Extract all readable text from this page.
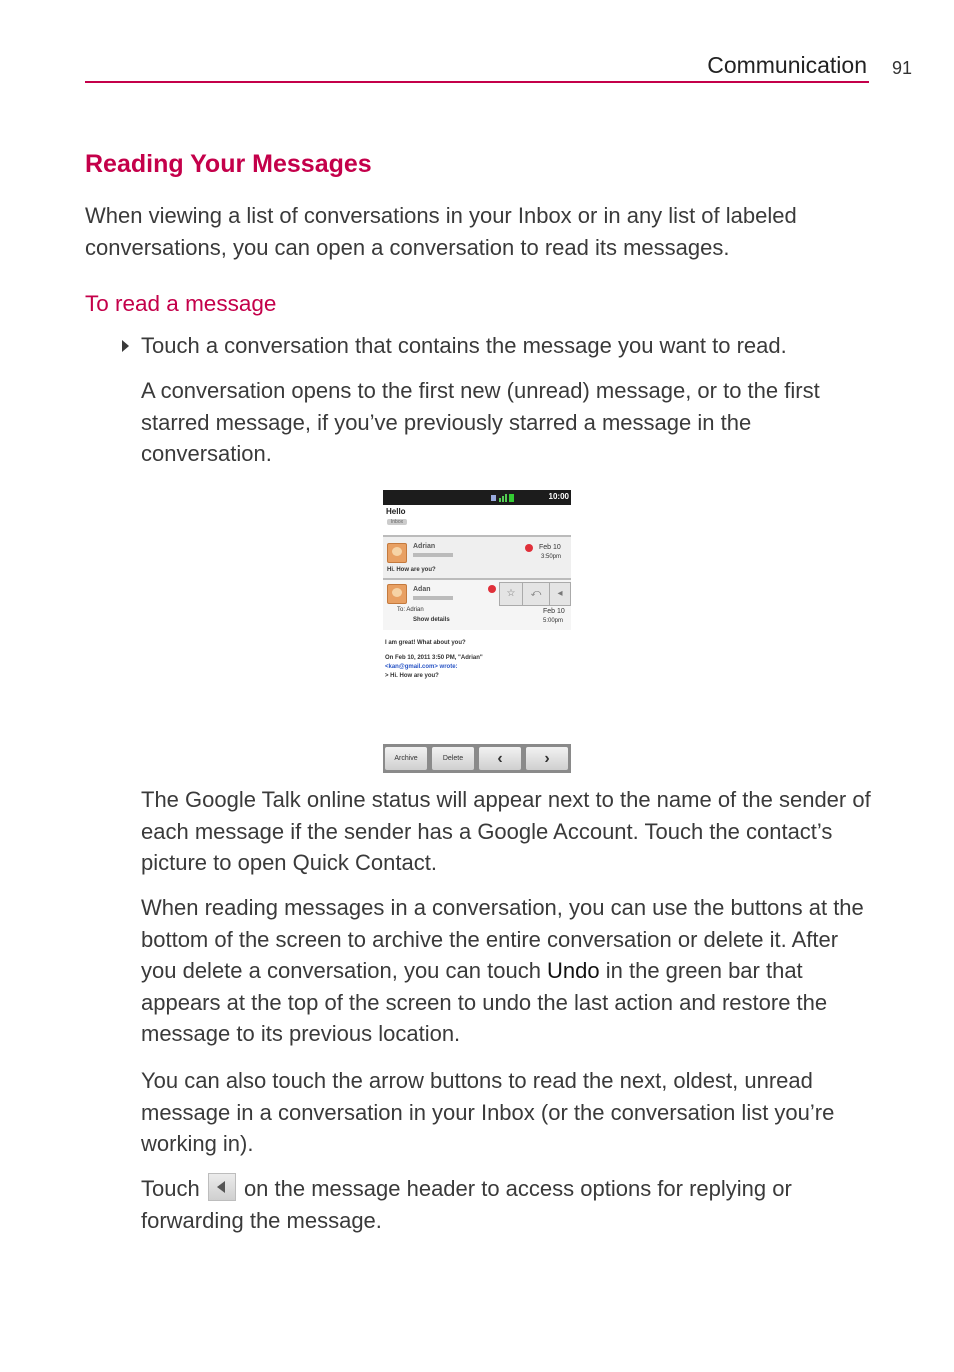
Communication 91
Reading Your Messages

When viewing a list of conversations in your Inbox or in any list of labeled conversations, you can open a conversation to read its messages.

To read a message

Touch a conversation that contains the message you want to read.

A conversation opens to the first new (unread) message, or to the first starred message, if you’ve previously starred a message in the conversation.

10:00
Hello
Inbox
Adrian	Feb 10
3:50pm
Hi. How are you?
Adan	☆	⤺	◂
To: Adrian
Show details
Feb 10
5:00pm
I am great! What about you?
On Feb 10, 2011 3:50 PM, "Adrian"
<kan@gmail.com> wrote:
> Hi. How are you?
Archive	Delete	‹	›

The Google Talk online status will appear next to the name of the sender of each message if the sender has a Google Account. Touch the contact’s picture to open Quick Contact.

When reading messages in a conversation, you can use the buttons at the bottom of the screen to archive the entire conversation or delete it. After you delete a conversation, you can touch Undo in the green bar that appears at the top of the screen to undo the last action and restore the message to its previous location.

You can also touch the arrow buttons to read the next, oldest, unread message in a conversation in your Inbox (or the conversation list you’re working in).

Touch  on the message header to access options for replying or forwarding the message.
